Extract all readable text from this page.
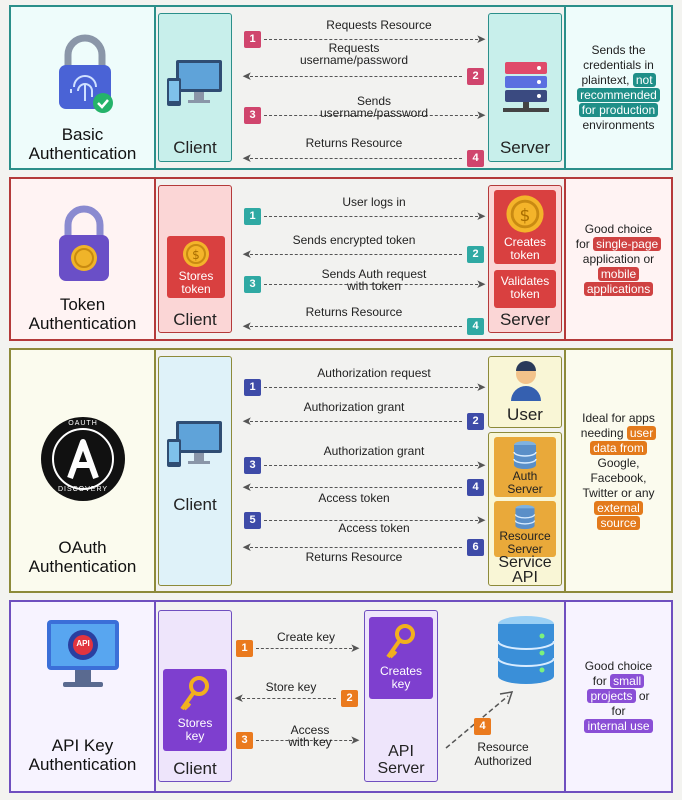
Basic
Authentication	Client	Server
1	➤
Requests Resource
➤	2
Requests
username/password
3	➤
Sends
username/password
➤	4
Returns Resource
Sends the credentials in plaintext, not
recommended
for production
environments
Token
Authentication
$
Stores
token
Client
$
Creates
token
Validates
token
Server
1	➤
User logs in
➤	2
Sends encrypted token
3	➤
Sends Auth request
with token
➤	4
Returns Resource
Good choice
for single-page
application or
mobile
applications
OAUTH
DISCOVERY
OAuth
Authentication
Client
User
Auth
Server
Resource
Server
Service
API
1	➤
Authorization request
➤	2
Authorization grant
3	➤
Authorization grant
➤	4
Access token
5	➤
Access token
➤	6
Returns Resource
Ideal for apps
needing user
data from
Google,
Facebook,
Twitter or any
external
source
API
API Key
Authentication
Stores
key
Client
Creates
key
API
Server
1	➤
Create key
➤	2
Store key
3	➤
Access
with key
4
Resource
Authorized
Good choice
for small
projects or
for
internal use
